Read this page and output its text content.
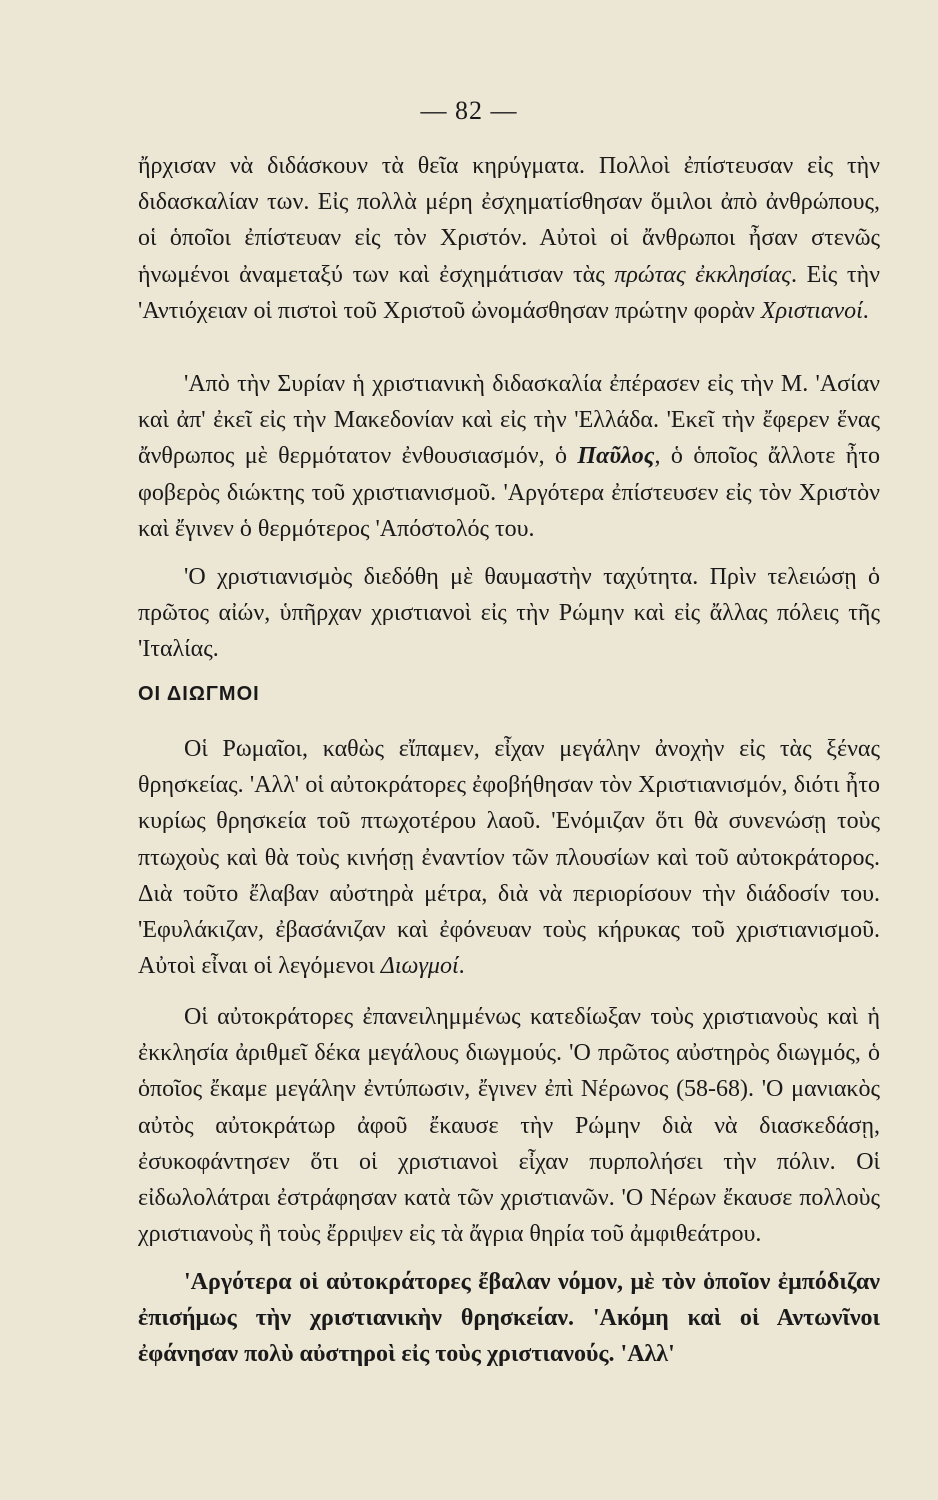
— 82 —

ἤρχισαν νὰ διδάσκουν τὰ θεῖα κηρύγματα. Πολλοὶ ἐπίστευσαν εἰς τὴν διδασκαλίαν των. Εἰς πολλὰ μέρη ἐσχηματίσθησαν ὅμιλοι ἀπὸ ἀνθρώπους, οἱ ὁποῖοι ἐπίστευαν εἰς τὸν Χριστόν. Αὐτοὶ οἱ ἄνθρωποι ἦσαν στενῶς ἡνωμένοι ἀναμεταξύ των καὶ ἐσχημάτισαν τὰς πρώτας ἐκκλησίας. Εἰς τὴν 'Αντιόχειαν οἱ πιστοὶ τοῦ Χριστοῦ ὠνομάσθησαν πρώτην φορὰν Χριστιανοί.

'Απὸ τὴν Συρίαν ἡ χριστιανικὴ διδασκαλία ἐπέρασεν εἰς τὴν Μ. 'Ασίαν καὶ ἀπ' ἐκεῖ εἰς τὴν Μακεδονίαν καὶ εἰς τὴν 'Ελλάδα. 'Εκεῖ τὴν ἔφερεν ἕνας ἄνθρωπος μὲ θερμότατον ἐνθουσιασμόν, ὁ Παῦλος, ὁ ὁποῖος ἄλλοτε ἦτο φοβερὸς διώκτης τοῦ χριστιανισμοῦ. 'Αργότερα ἐπίστευσεν εἰς τὸν Χριστὸν καὶ ἔγινεν ὁ θερμότερος 'Απόστολός του.

'Ο χριστιανισμὸς διεδόθη μὲ θαυμαστὴν ταχύτητα. Πρὶν τελειώσῃ ὁ πρῶτος αἰών, ὑπῆρχαν χριστιανοὶ εἰς τὴν Ρώμην καὶ εἰς ἄλλας πόλεις τῆς 'Ιταλίας.

ΟΙ ΔΙΩΓΜΟΙ

Οἱ Ρωμαῖοι, καθὼς εἴπαμεν, εἶχαν μεγάλην ἀνοχὴν εἰς τὰς ξένας θρησκείας. 'Αλλ' οἱ αὐτοκράτορες ἐφοβήθησαν τὸν Χριστιανισμόν, διότι ἦτο κυρίως θρησκεία τοῦ πτωχοτέρου λαοῦ. 'Ενόμιζαν ὅτι θὰ συνενώσῃ τοὺς πτωχοὺς καὶ θὰ τοὺς κινήσῃ ἐναντίον τῶν πλουσίων καὶ τοῦ αὐτοκράτορος. Διὰ τοῦτο ἔλαβαν αὐστηρὰ μέτρα, διὰ νὰ περιορίσουν τὴν διάδοσίν του. 'Εφυλάκιζαν, ἐβασάνιζαν καὶ ἐφόνευαν τοὺς κήρυκας τοῦ χριστιανισμοῦ. Αὐτοὶ εἶναι οἱ λεγόμενοι Διωγμοί.

Οἱ αὐτοκράτορες ἐπανειλημμένως κατεδίωξαν τοὺς χριστιανοὺς καὶ ἡ ἐκκλησία ἀριθμεῖ δέκα μεγάλους διωγμούς. 'Ο πρῶτος αὐστηρὸς διωγμός, ὁ ὁποῖος ἔκαμε μεγάλην ἐντύπωσιν, ἔγινεν ἐπὶ Νέρωνος (58-68). 'Ο μανιακὸς αὐτὸς αὐτοκράτωρ ἀφοῦ ἔκαυσε τὴν Ρώμην διὰ νὰ διασκεδάσῃ, ἐσυκοφάντησεν ὅτι οἱ χριστιανοὶ εἶχαν πυρπολήσει τὴν πόλιν. Οἱ εἰδωλολάτραι ἐστράφησαν κατὰ τῶν χριστιανῶν. 'Ο Νέρων ἔκαυσε πολλοὺς χριστιανοὺς ἢ τοὺς ἔρριψεν εἰς τὰ ἄγρια θηρία τοῦ ἀμφιθεάτρου.

'Αργότερα οἱ αὐτοκράτορες ἔβαλαν νόμον, μὲ τὸν ὁποῖον ἐμπόδιζαν ἐπισήμως τὴν χριστιανικὴν θρησκείαν. 'Ακόμη καὶ οἱ Αντωνῖνοι ἐφάνησαν πολὺ αὐστηροὶ εἰς τοὺς χριστιανούς. 'Αλλ'
